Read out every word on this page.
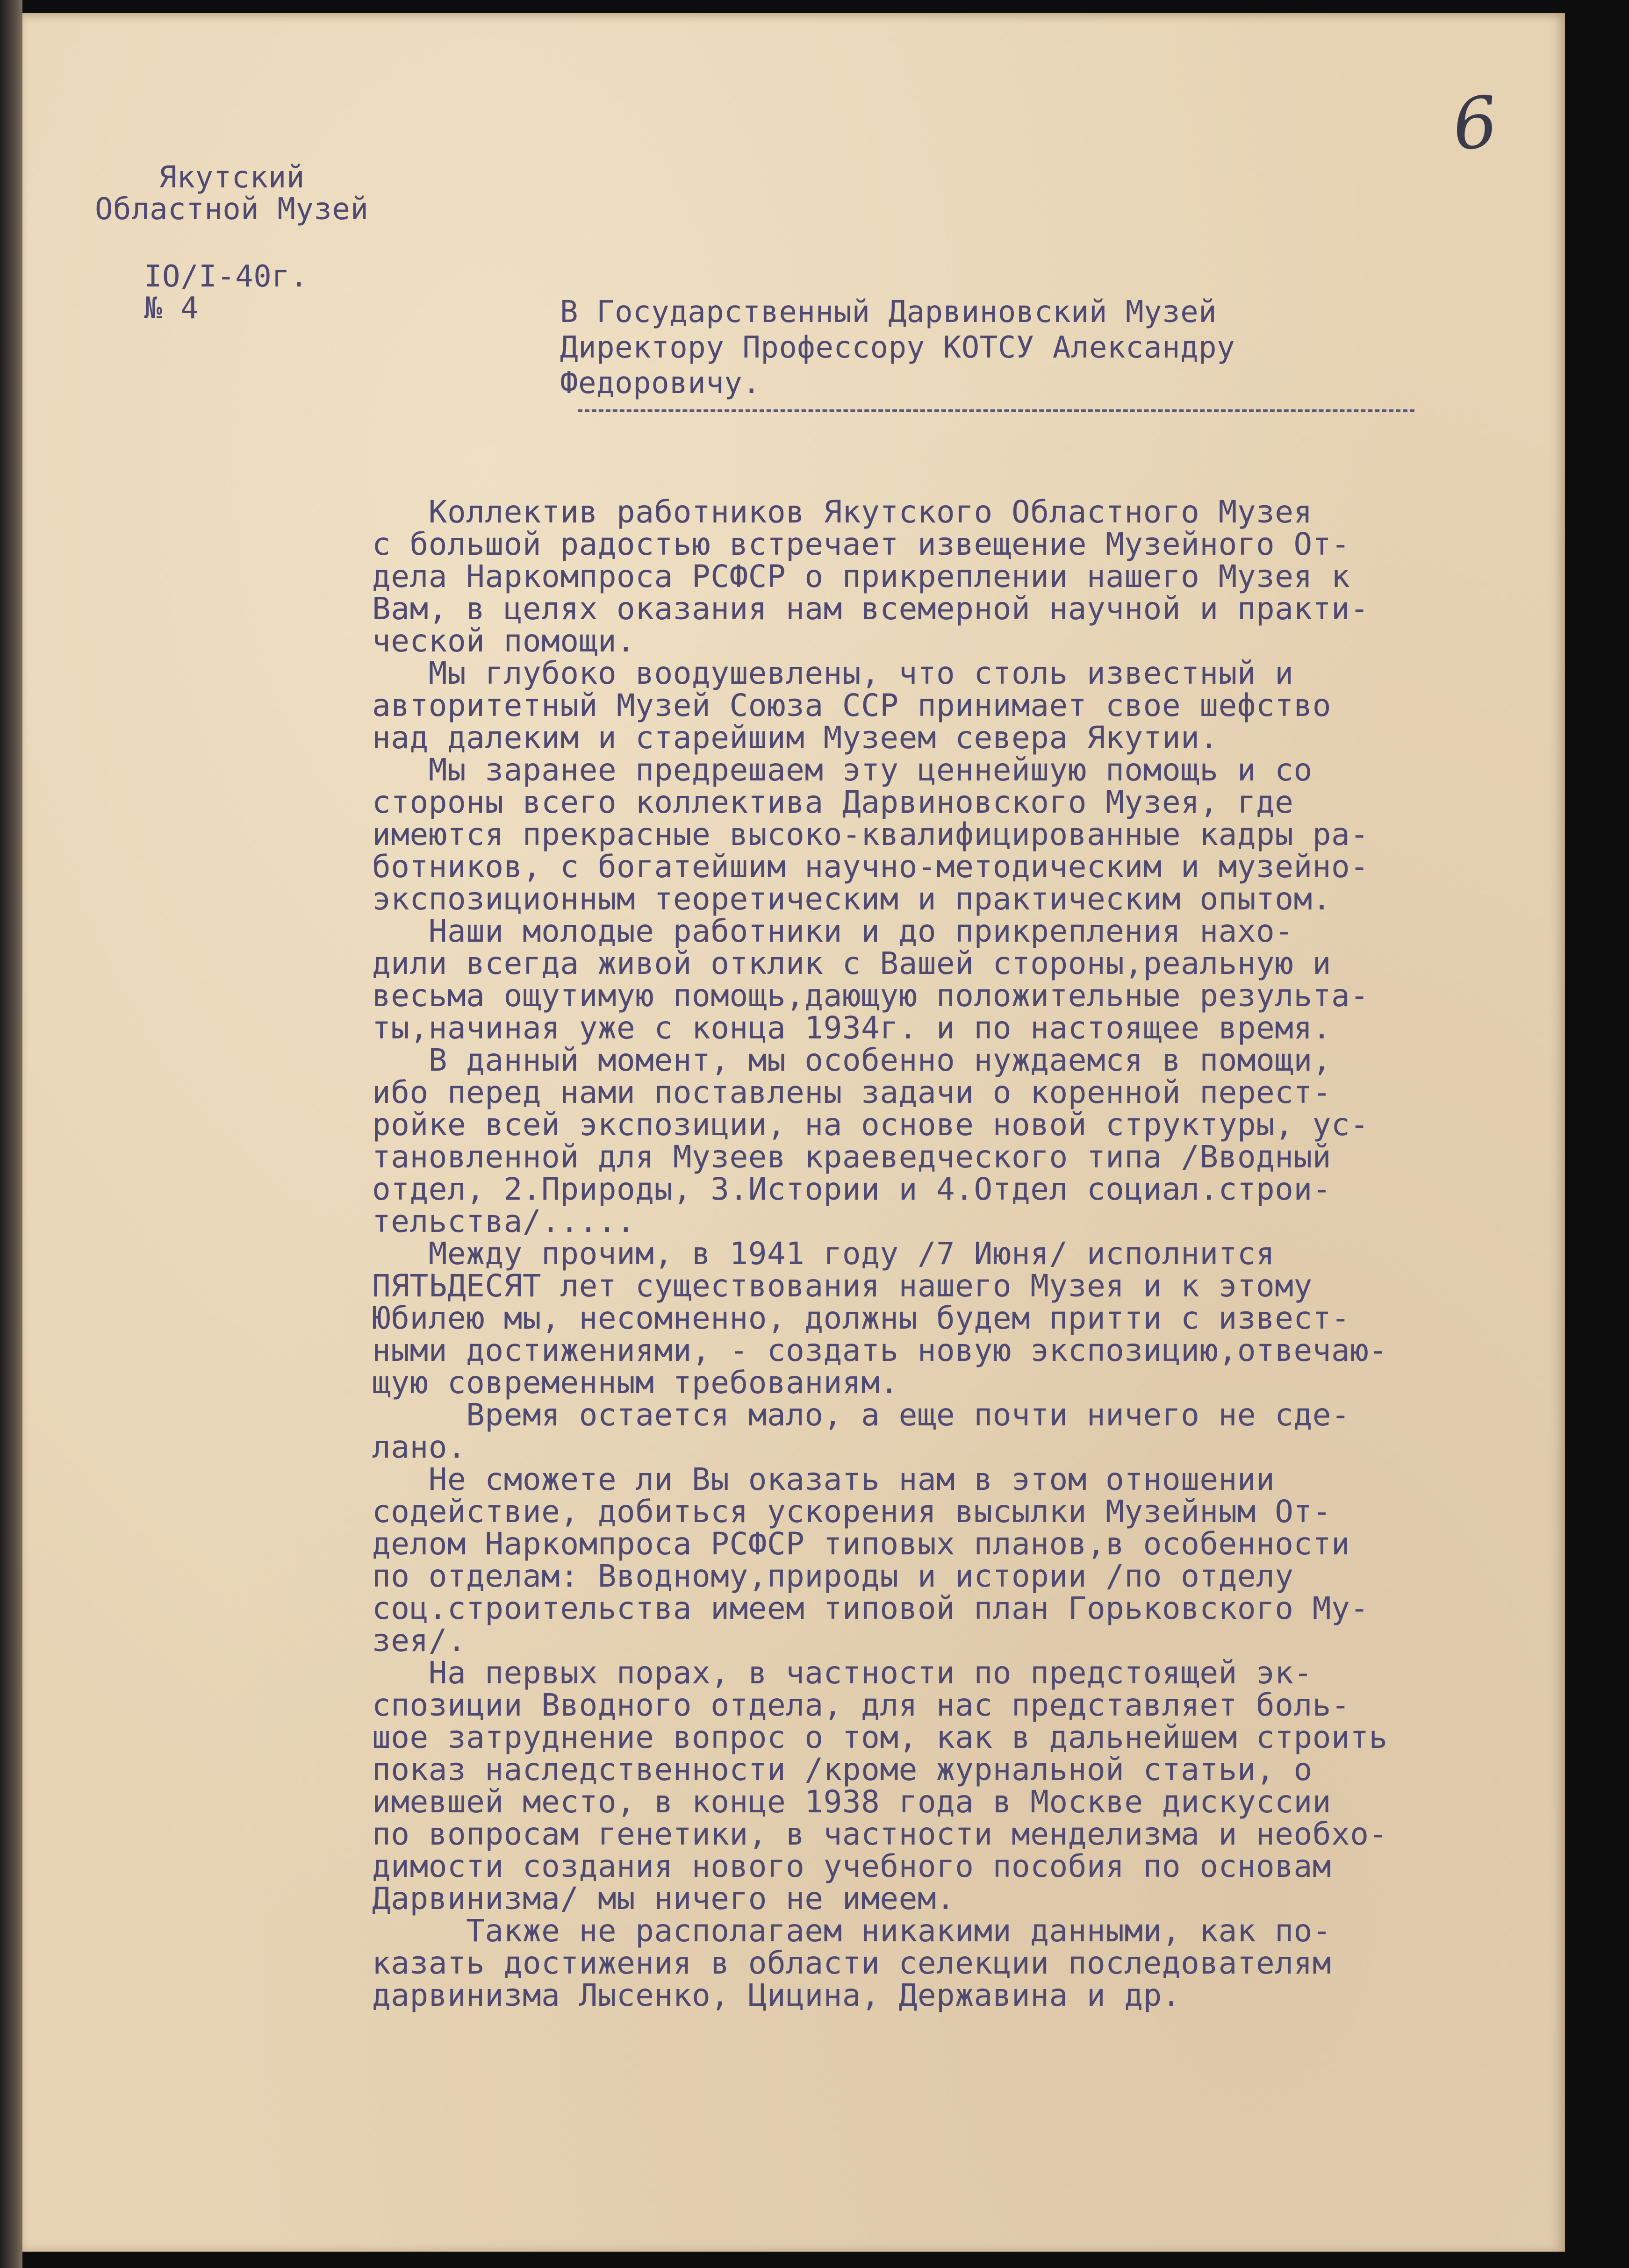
6
Якутский
Областной Музей
IO/I-40г.
№ 4	В Государственный Дарвиновский Музей
Директору Профессору КОТСУ Александру
Федоровичу.
Коллектив работников Якутского Областного Музея
с большой радостью встречает извещение Музейного От-
дела Наркомпроса РСФСР о прикреплении нашего Музея к
Вам, в целях оказания нам всемерной научной и практи-
ческой помощи.
Мы глубоко воодушевлены, что столь известный и
авторитетный Музей Союза ССР принимает свое шефство
над далеким и старейшим Музеем севера Якутии.
Мы заранее предрешаем эту ценнейшую помощь и со
стороны всего коллектива Дарвиновского Музея, где
имеются прекрасные высоко-квалифицированные кадры ра-
ботников, с богатейшим научно-методическим и музейно-
экспозиционным теоретическим и практическим опытом.
Наши молодые работники и до прикрепления нахо-
дили всегда живой отклик с Вашей стороны,реальную и
весьма ощутимую помощь,дающую положительные результа-
ты,начиная уже с конца 1934г. и по настоящее время.
В данный момент, мы особенно нуждаемся в помощи,
ибо перед нами поставлены задачи о коренной перест-
ройке всей экспозиции, на основе новой структуры, ус-
тановленной для Музеев краеведческого типа /Вводный
отдел, 2.Природы, 3.Истории и 4.Отдел социал.строи-
тельства/.....
Между прочим, в 1941 году /7 Июня/ исполнится
ПЯТЬДЕСЯТ лет существования нашего Музея и к этому
Юбилею мы, несомненно, должны будем притти с извест-
ными достижениями, - создать новую экспозицию,отвечаю-
щую современным требованиям.
Время остается мало, а еще почти ничего не сде-
лано.
Не сможете ли Вы оказать нам в этом отношении
содействие, добиться ускорения высылки Музейным От-
делом Наркомпроса РСФСР типовых планов,в особенности
по отделам: Вводному,природы и истории /по отделу
соц.строительства имеем типовой план Горьковского Му-
зея/.
На первых порах, в частности по предстоящей эк-
спозиции Вводного отдела, для нас представляет боль-
шое затруднение вопрос о том, как в дальнейшем строить
показ наследственности /кроме журнальной статьи, о
имевшей место, в конце 1938 года в Москве дискуссии
по вопросам генетики, в частности менделизма и необхо-
димости создания нового учебного пособия по основам
Дарвинизма/ мы ничего не имеем.
Также не располагаем никакими данными, как по-
казать достижения в области селекции последователям
дарвинизма Лысенко, Цицина, Державина и др.
